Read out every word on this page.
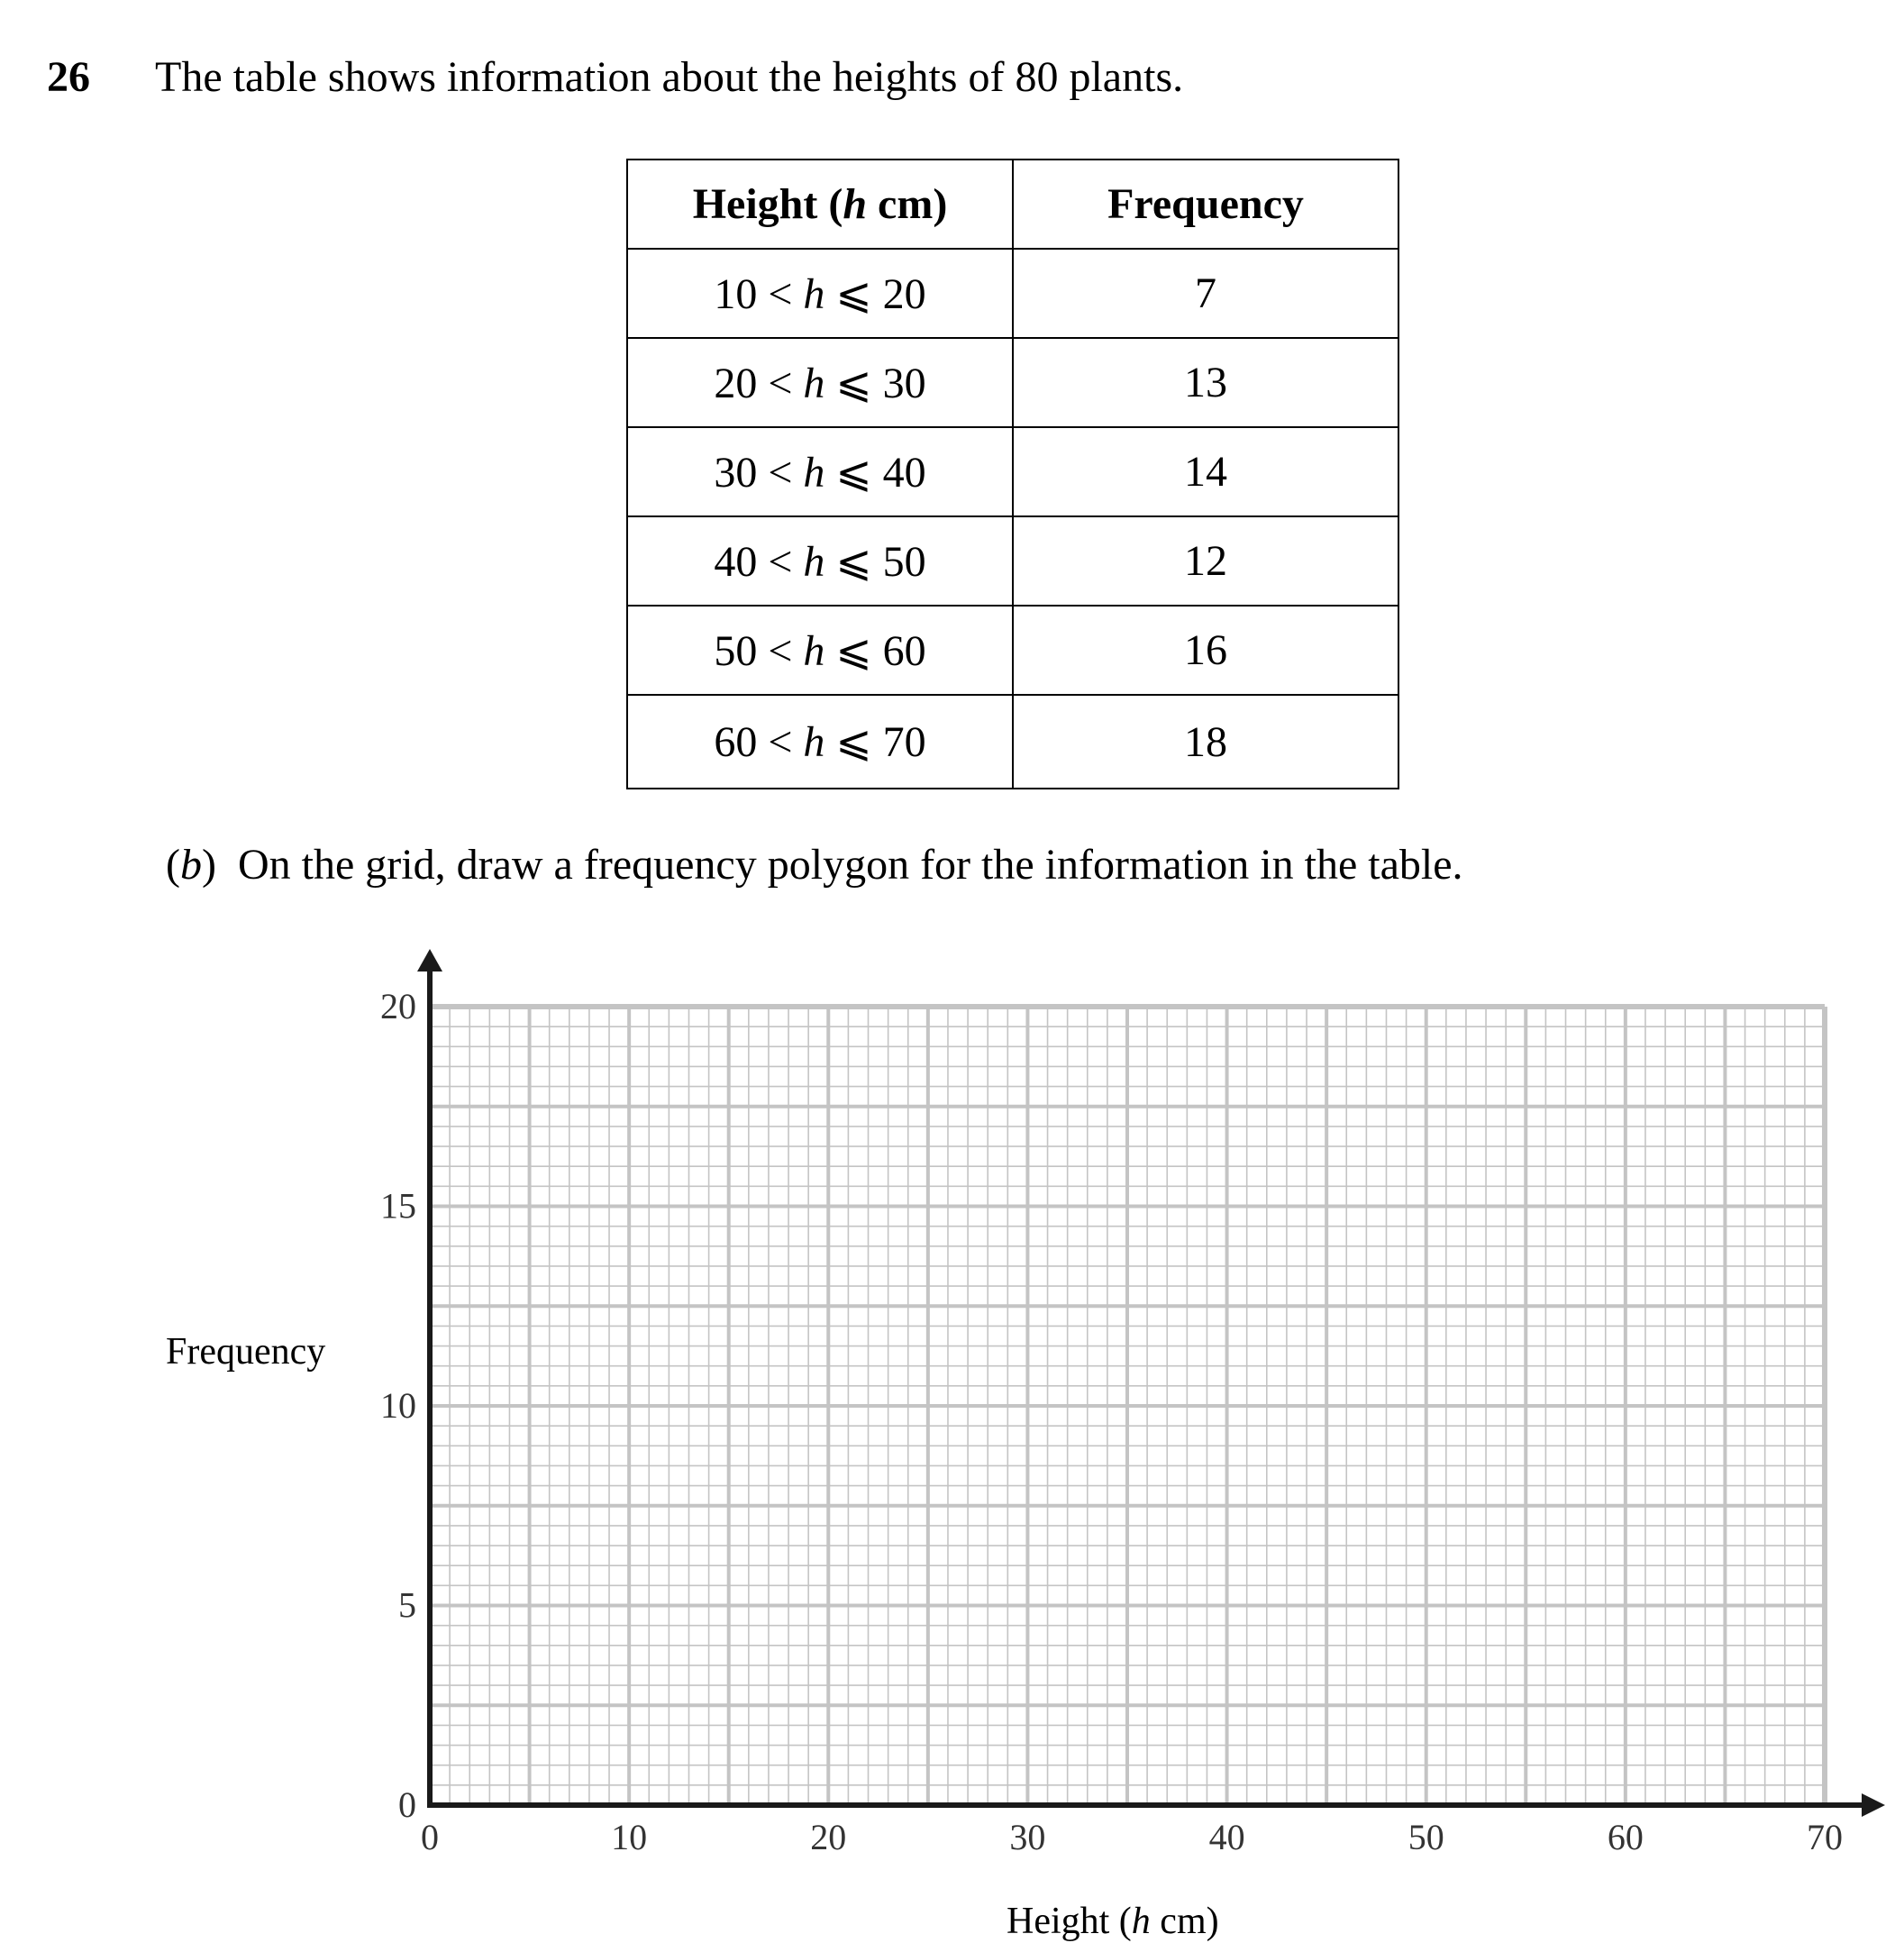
26 The table shows information about the heights of 80 plants.
Height (h cm)	Frequency
10 < h ⩽ 20	7
20 < h ⩽ 30	13
30 < h ⩽ 40	14
40 < h ⩽ 50	12
50 < h ⩽ 60	16
60 < h ⩽ 70	18
(b)  On the grid, draw a frequency polygon for the information in the table.
0	10	20	30	40	50	60	70
0
5
10
15
20
Frequency
Height (h cm)
